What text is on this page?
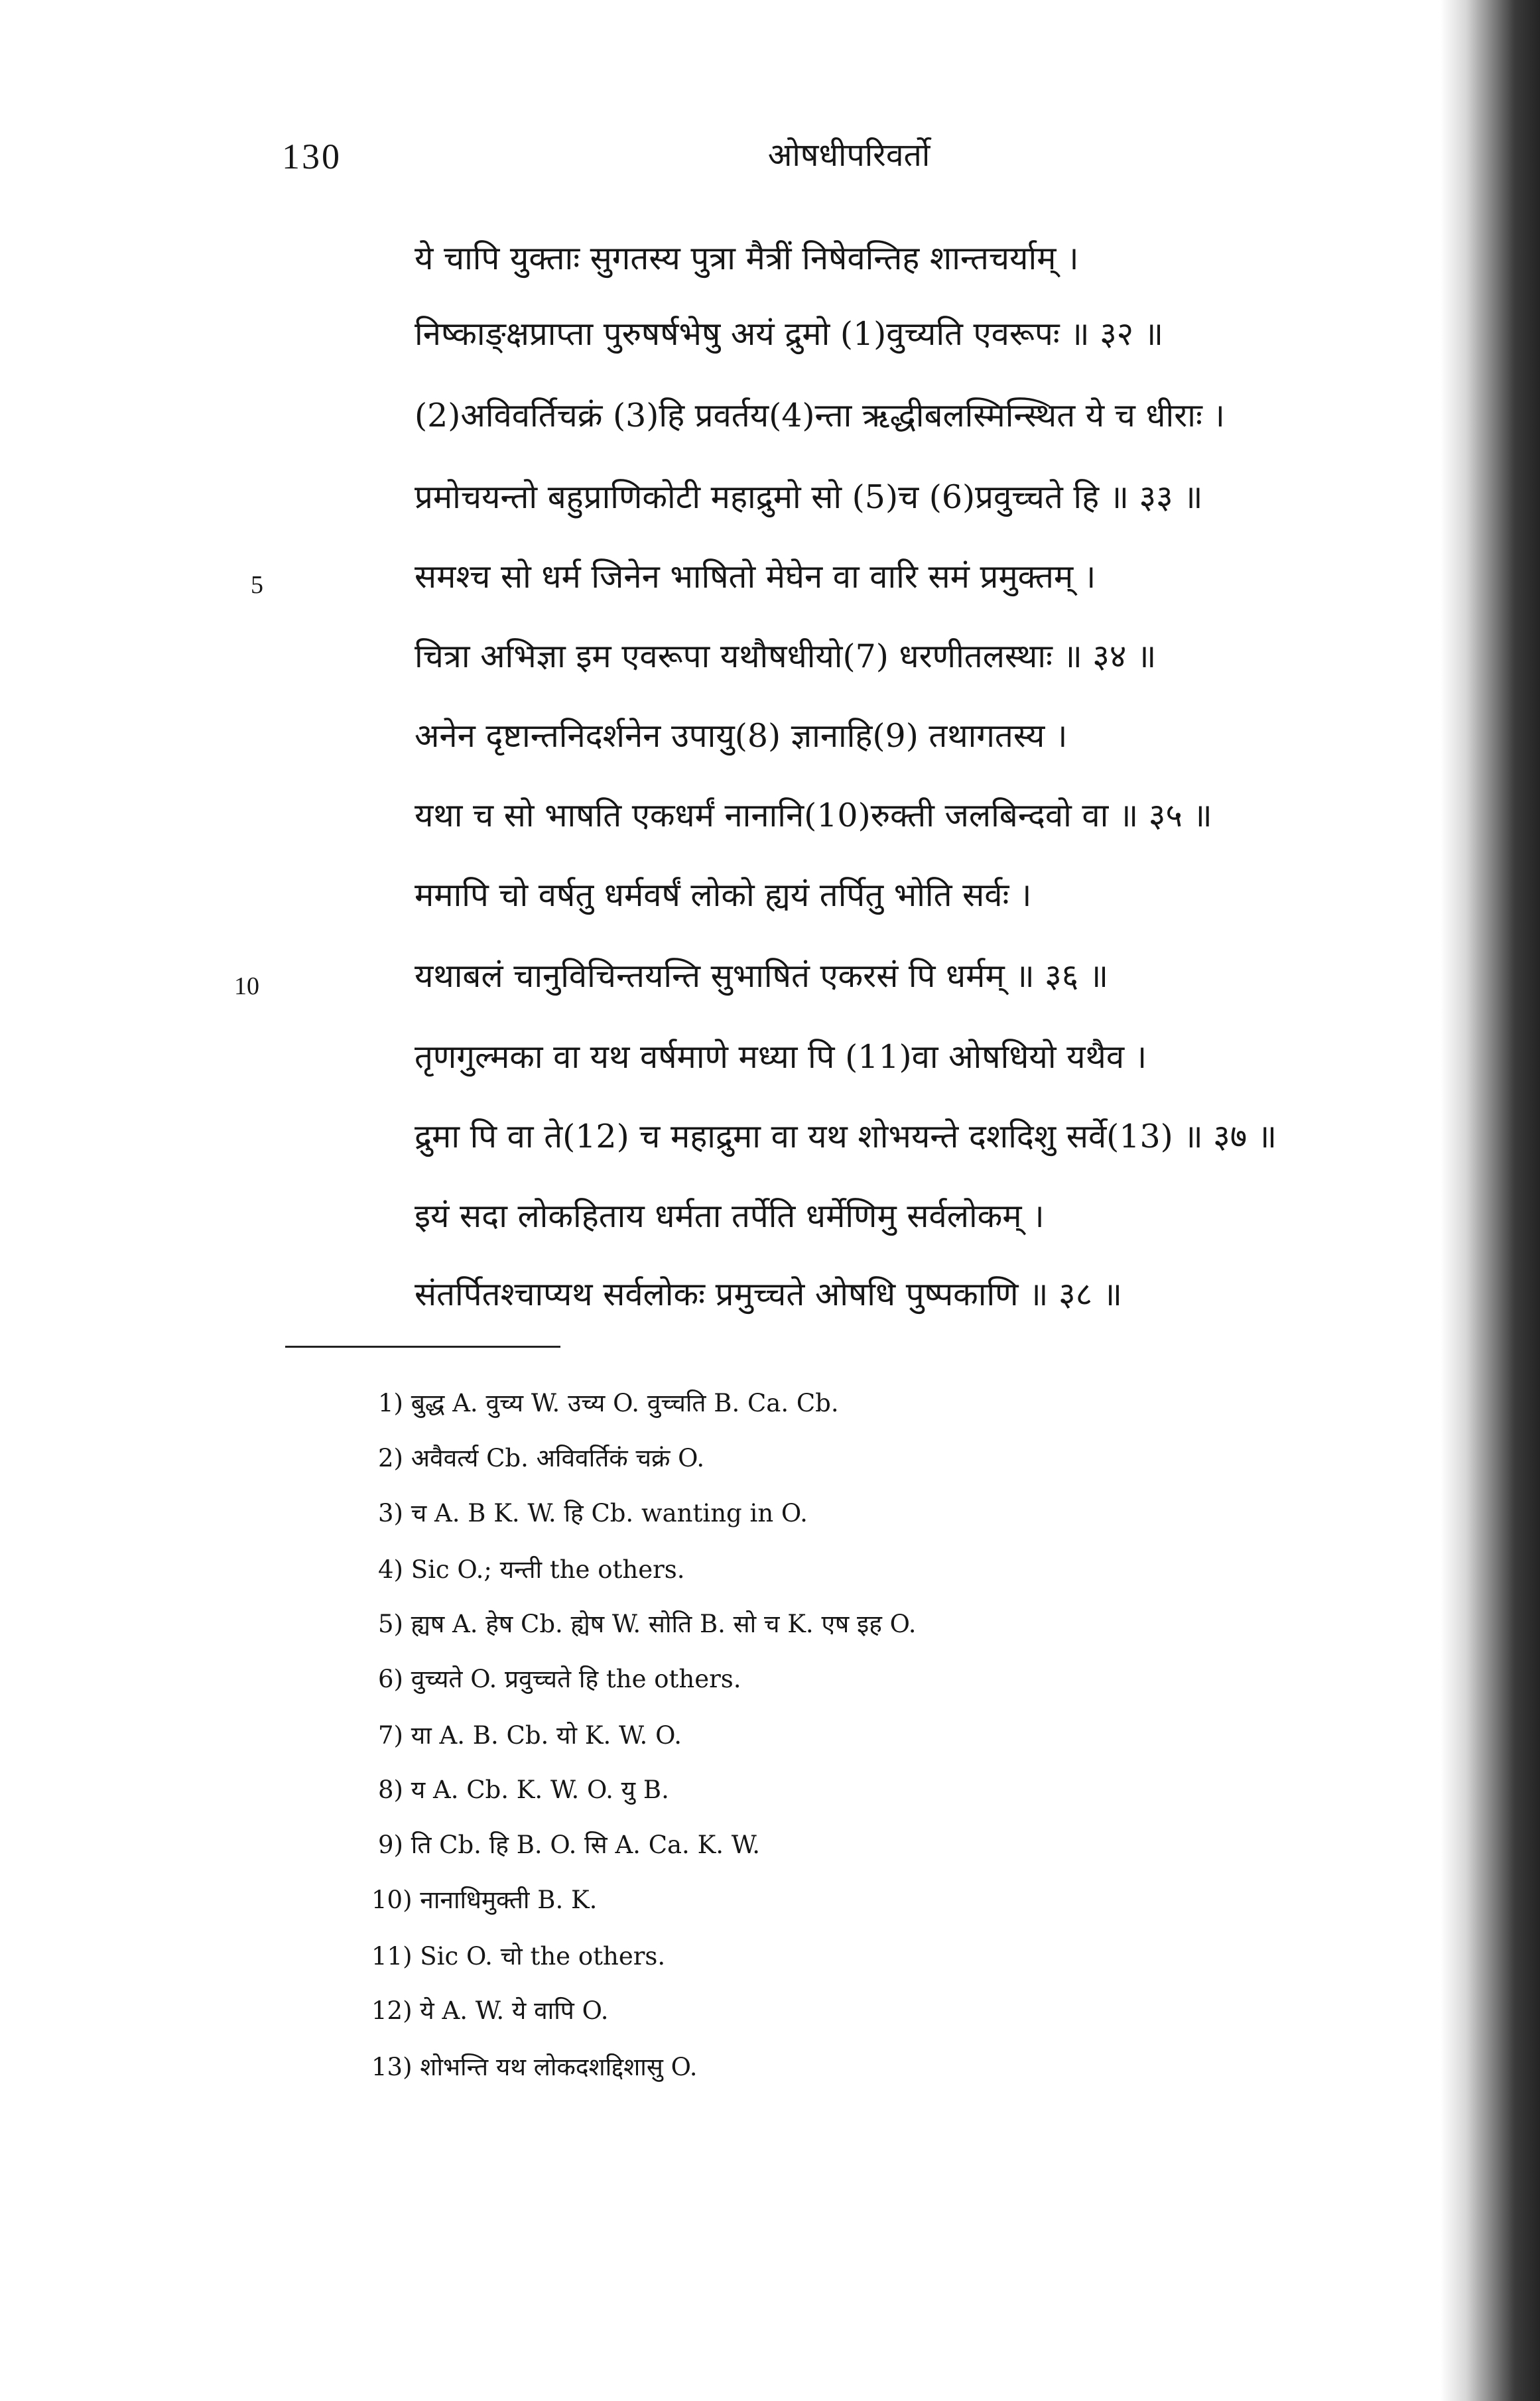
130	ओषधीपरिवर्तो
5
10
ये चापि युक्ताः सुगतस्य पुत्रा मैत्रीं निषेवन्तिह शान्तचर्याम् ।
निष्काङ्क्षप्राप्ता पुरुषर्षभेषु अयं द्रुमो (1)वुच्यति एवरूपः ॥ ३२ ॥
(2)अविवर्तिचक्रं (3)हि प्रवर्तय(4)न्ता ऋद्धीबलस्मिन्स्थित ये च धीराः ।
प्रमोचयन्तो बहुप्राणिकोटी महाद्रुमो सो (5)च (6)प्रवुच्चते हि ॥ ३३ ॥
समश्च सो धर्म जिनेन भाषितो मेघेन वा वारि समं प्रमुक्तम् ।
चित्रा अभिज्ञा इम एवरूपा यथौषधीयो(7) धरणीतलस्थाः ॥ ३४ ॥
अनेन दृष्टान्तनिदर्शनेन उपायु(8) ज्ञानाहि(9) तथागतस्य ।
यथा च सो भाषति एकधर्मं नानानि(10)रुक्ती जलबिन्दवो वा ॥ ३५ ॥
ममापि चो वर्षतु धर्मवर्षं लोको ह्ययं तर्पितु भोति सर्वः ।
यथाबलं चानुविचिन्तयन्ति सुभाषितं एकरसं पि धर्मम् ॥ ३६ ॥
तृणगुल्मका वा यथ वर्षमाणे मध्या पि (11)वा ओषधियो यथैव ।
द्रुमा पि वा ते(12) च महाद्रुमा वा यथ शोभयन्ते दशदिशु सर्वे(13) ॥ ३७ ॥
इयं सदा लोकहिताय धर्मता तर्पेति धर्मेणिमु सर्वलोकम् ।
संतर्पितश्चाप्यथ सर्वलोकः प्रमुच्चते ओषधि पुष्पकाणि ॥ ३८ ॥
1) बुद्ध A. वुच्य W. उच्य O. वुच्चति B. Ca. Cb.
2) अवैवर्त्य Cb. अविवर्तिकं चक्रं O.
3) च A. B K. W. हि Cb. wanting in O.
4) Sic O.; यन्ती the others.
5) ह्यष A. हेष Cb. ह्येष W. सोति B. सो च K. एष इह O.
6) वुच्यते O. प्रवुच्चते हि the others.
7) या A. B. Cb. यो K. W. O.
8) य A. Cb. K. W. O. यु B.
9) ति Cb. हि B. O. सि A. Ca. K. W.
10) नानाधिमुक्ती B. K.
11) Sic O. चो the others.
12) ये A. W. ये वापि O.
13) शोभन्ति यथ लोकदशद्दिशासु O.
